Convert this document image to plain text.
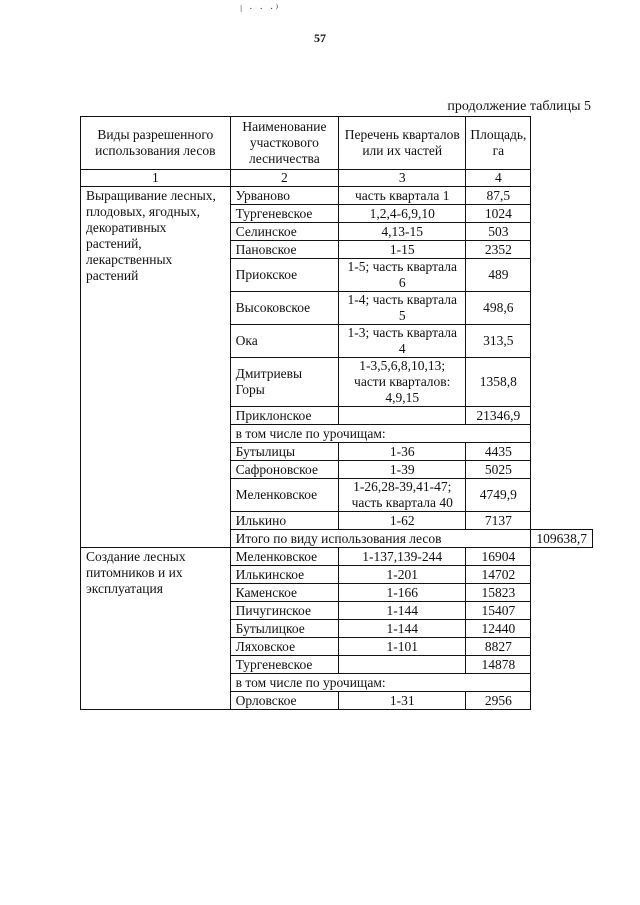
ǀ · · ·⁾
57
продолжение таблицы 5
Виды разрешенного использования лесов	Наименование участкового лесничества	Перечень кварталов или их частей	Площадь, га	
1	2	3	4	
Выращивание лесных, плодовых, ягодных, декоративных растений, лекарственных растений	Урваново	часть квартала 1	87,5	
	Тургеневское	1,2,4-6,9,10	1024	
	Селинское	4,13-15	503	
	Пановское	1-15	2352	
	Приокское	1-5; часть квартала 6	489	
	Высоковское	1-4; часть квартала 5	498,6	
	Ока	1-3; часть квартала 4	313,5	
	Дмитриевы Горы	1-3,5,6,8,10,13; части кварталов: 4,9,15	1358,8	
	Приклонское		21346,9	
	в том числе по урочищам:			
	Бутылицы	1-36	4435	
	Сафроновское	1-39	5025	
	Меленковское	1-26,28-39,41-47; часть квартала 40	4749,9	
	Илькино	1-62	7137	
	Итого по виду использования лесов			109638,7
Создание лесных питомников и их эксплуатация	Меленковское	1-137,139-244	16904	
	Илькинское	1-201	14702	
	Каменское	1-166	15823	
	Пичугинское	1-144	15407	
	Бутылицкое	1-144	12440	
	Ляховское	1-101	8827	
	Тургеневское		14878	
	в том числе по урочищам:			
	Орловское	1-31	2956	
